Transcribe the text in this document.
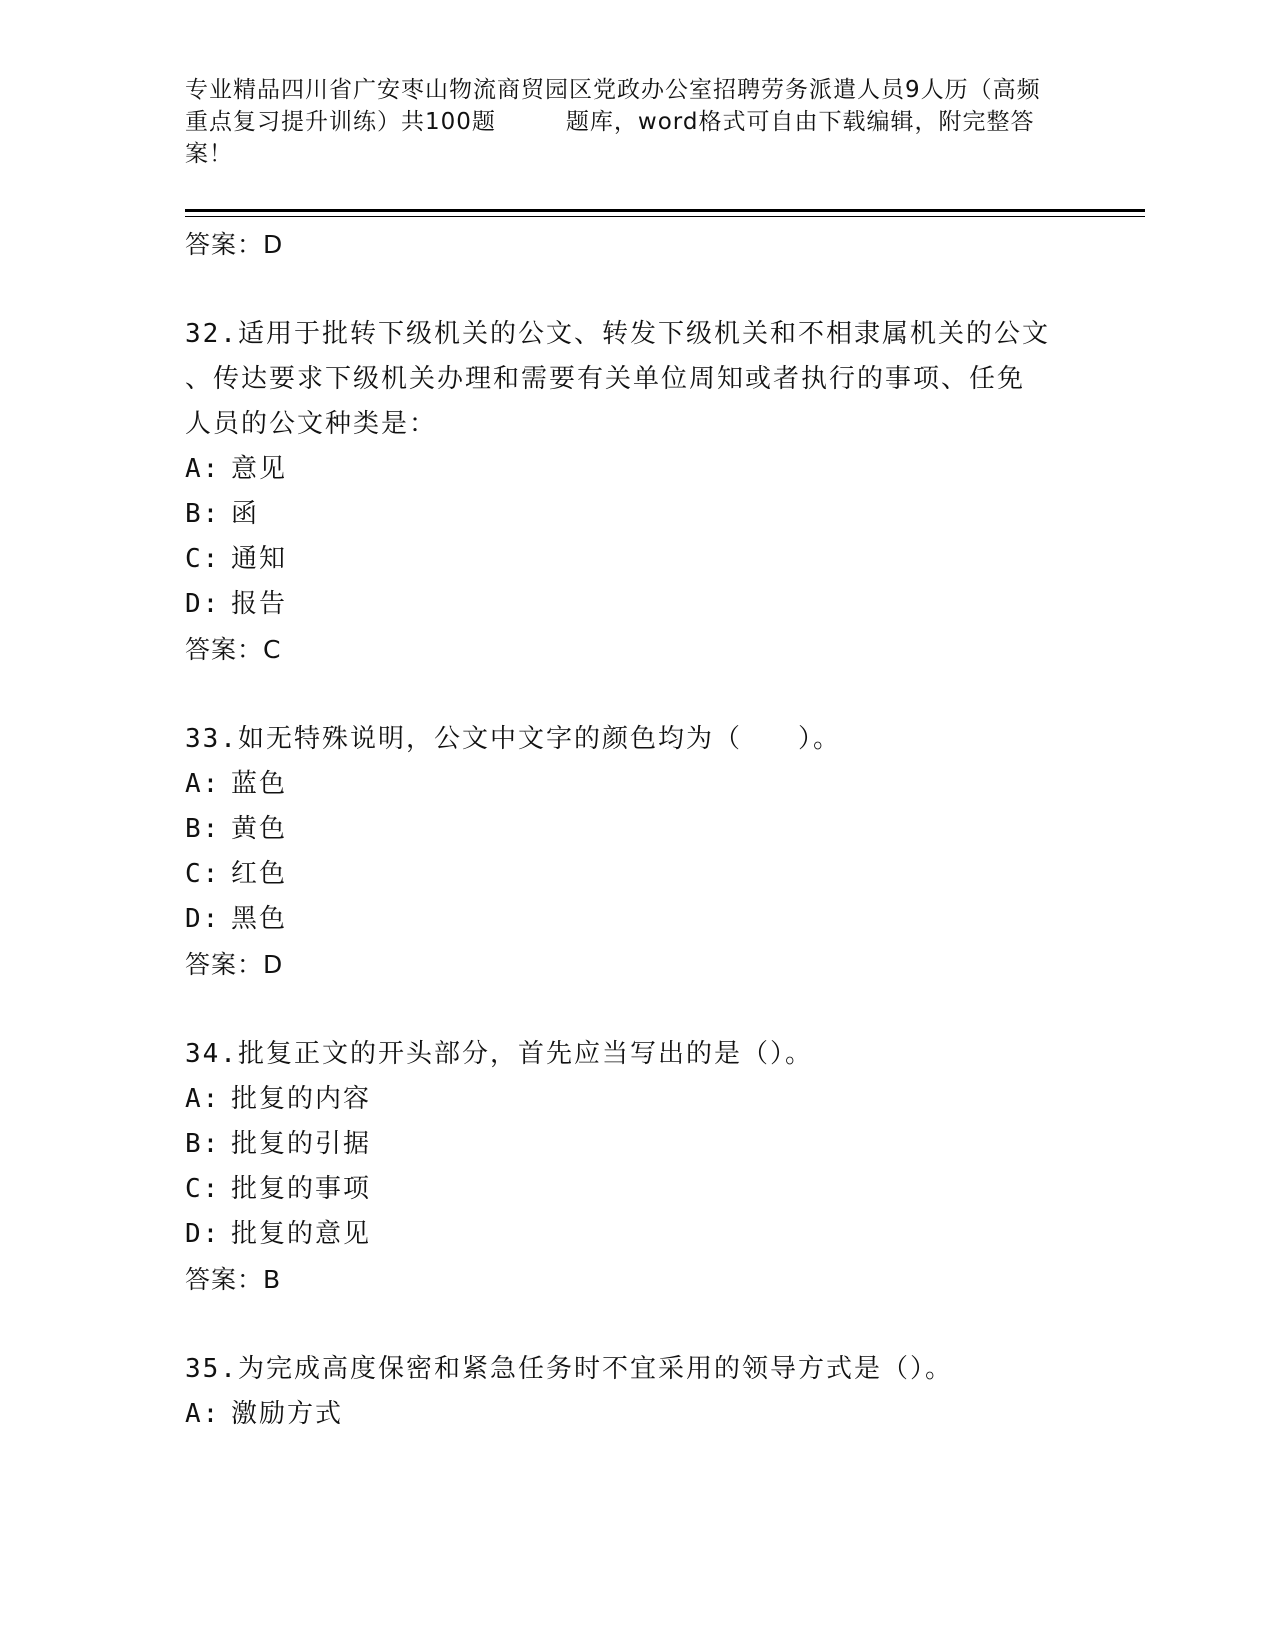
专业精品四川省广安枣山物流商贸园区党政办公室招聘劳务派遣人员9人历（高频
重点复习提升训练）共100题	题库，word格式可自由下载编辑，附完整答
案！
答案：D
32.适用于批转下级机关的公文、转发下级机关和不相隶属机关的公文
、传达要求下级机关办理和需要有关单位周知或者执行的事项、任免
人员的公文种类是：
A: 意见
B: 函
C: 通知
D: 报告
答案：C
33.如无特殊说明，公文中文字的颜色均为（　　）。
A: 蓝色
B: 黄色
C: 红色
D: 黑色
答案：D
34.批复正文的开头部分，首先应当写出的是（）。
A: 批复的内容
B: 批复的引据
C: 批复的事项
D: 批复的意见
答案：B
35.为完成高度保密和紧急任务时不宜采用的领导方式是（）。
A: 激励方式
